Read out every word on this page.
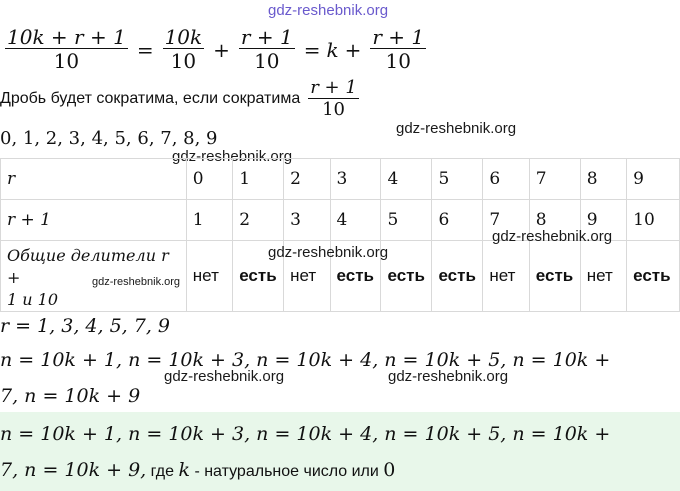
gdz-reshebnik.org
$\frac{10k + r + 1}{10} = \frac{10k}{10} + \frac{r + 1}{10} = k + \frac{r + 1}{10}$
Дробь будет сократима, если сократима $\frac{r + 1}{10}$
gdz-reshebnik.org
0, 1, 2, 3, 4, 5, 6, 7, 8, 9
gdz-reshebnik.org
r	0	1	2	3	4	5	6	7	8	9
r + 1	1	2	3	4	5	6	7	8	9	10

Общие делители r +
1 и 10	нет	есть	нет	есть	есть	есть	нет	есть	нет	есть
gdz-reshebnik.org
gdz-reshebnik.org
gdz-reshebnik.org
r = 1, 3, 4, 5, 7, 9
n = 10k + 1, n = 10k + 3, n = 10k + 4, n = 10k + 5, n = 10k +
gdz-reshebnik.org	gdz-reshebnik.org
7, n = 10k + 9
n = 10k + 1, n = 10k + 3, n = 10k + 4, n = 10k + 5, n = 10k +
7, n = 10k + 9, где k - натуральное число или 0
